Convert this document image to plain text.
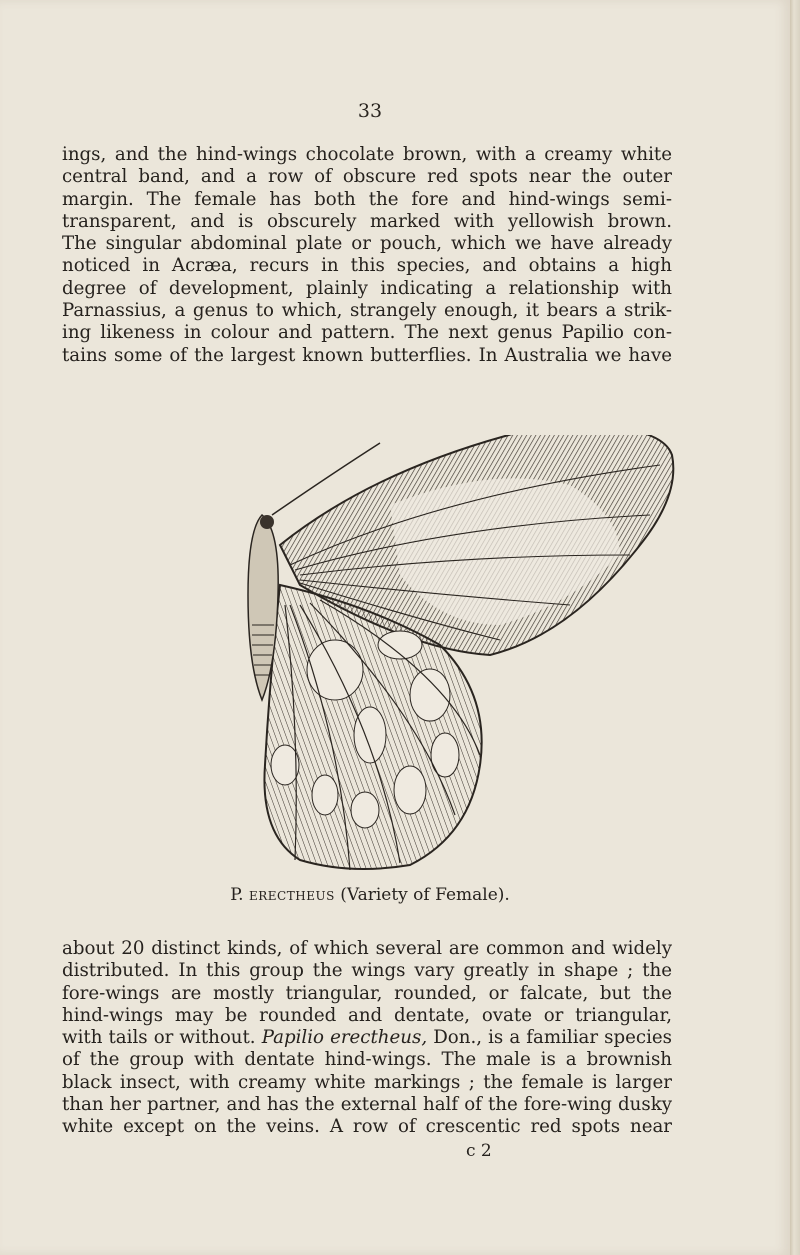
33
ings, and the hind-wings chocolate brown, with a creamy white
central band, and a row of obscure red spots near the outer
margin. The female has both the fore and hind-wings semi-
transparent, and is obscurely marked with yellowish brown.
The singular abdominal plate or pouch, which we have already
noticed in Acræa, recurs in this species, and obtains a high
degree of development, plainly indicating a relationship with
Parnassius, a genus to which, strangely enough, it bears a strik-
ing likeness in colour and pattern. The next genus Papilio con-
tains some of the largest known butterflies. In Australia we have
P. erectheus (Variety of Female).
about 20 distinct kinds, of which several are common and widely
distributed. In this group the wings vary greatly in shape ; the
fore-wings are mostly triangular, rounded, or falcate, but the
hind-wings may be rounded and dentate, ovate or triangular,
with tails or without. Papilio erectheus, Don., is a familiar species
of the group with dentate hind-wings. The male is a brownish
black insect, with creamy white markings ; the female is larger
than her partner, and has the external half of the fore-wing dusky
white except on the veins. A row of crescentic red spots near
c 2
